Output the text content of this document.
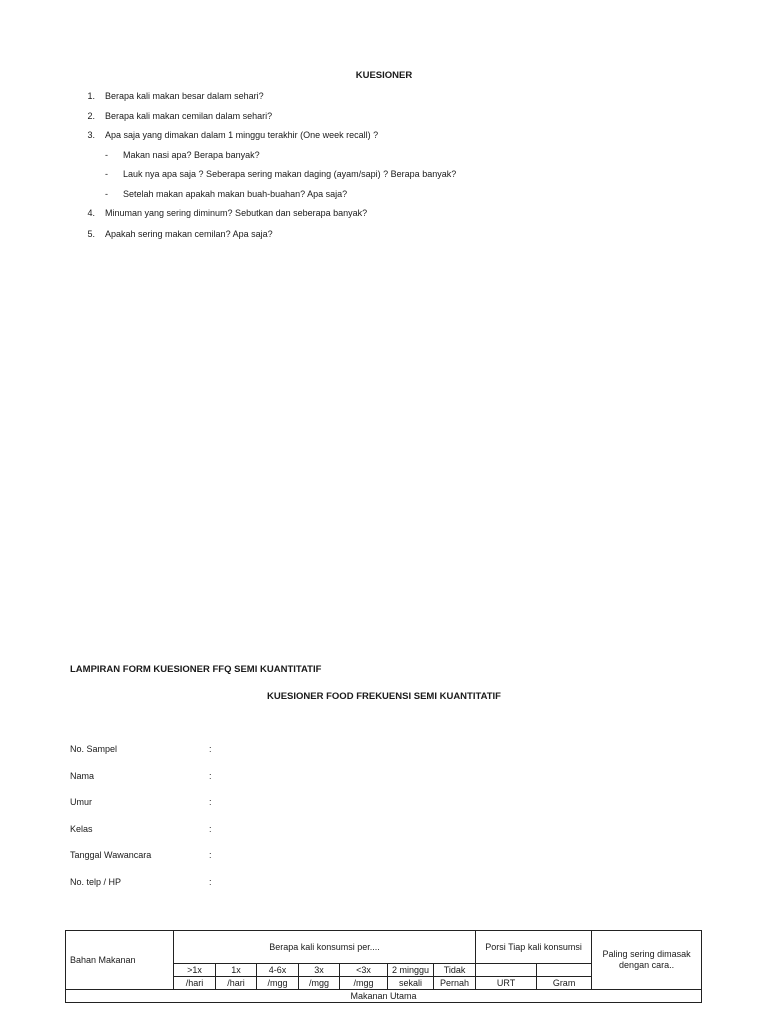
KUESIONER
1. Berapa kali makan besar dalam sehari?
2. Berapa kali makan cemilan dalam sehari?
3. Apa saja yang dimakan dalam 1 minggu terakhir (One week recall) ?
- Makan nasi apa? Berapa banyak?
- Lauk nya apa saja ? Seberapa sering makan daging (ayam/sapi) ? Berapa banyak?
- Setelah makan apakah makan buah-buahan? Apa saja?
4. Minuman yang sering diminum? Sebutkan dan seberapa banyak?
5. Apakah sering makan cemilan? Apa saja?
LAMPIRAN FORM KUESIONER FFQ SEMI KUANTITATIF
KUESIONER FOOD FREKUENSI SEMI KUANTITATIF
No. Sampel	:
Nama	:
Umur	:
Kelas	:
Tanggal Wawancara	:
No. telp / HP	:
Bahan Makanan	Berapa kali konsumsi per....							Porsi Tiap kali konsumsi		Paling sering dimasak dengan cara..
	>1x	1x	4-6x	3x	<3x	2 minggu	Tidak			
	/hari	/hari	/mgg	/mgg	/mgg	sekali	Pernah	URT	Gram	
Makanan Utama										
